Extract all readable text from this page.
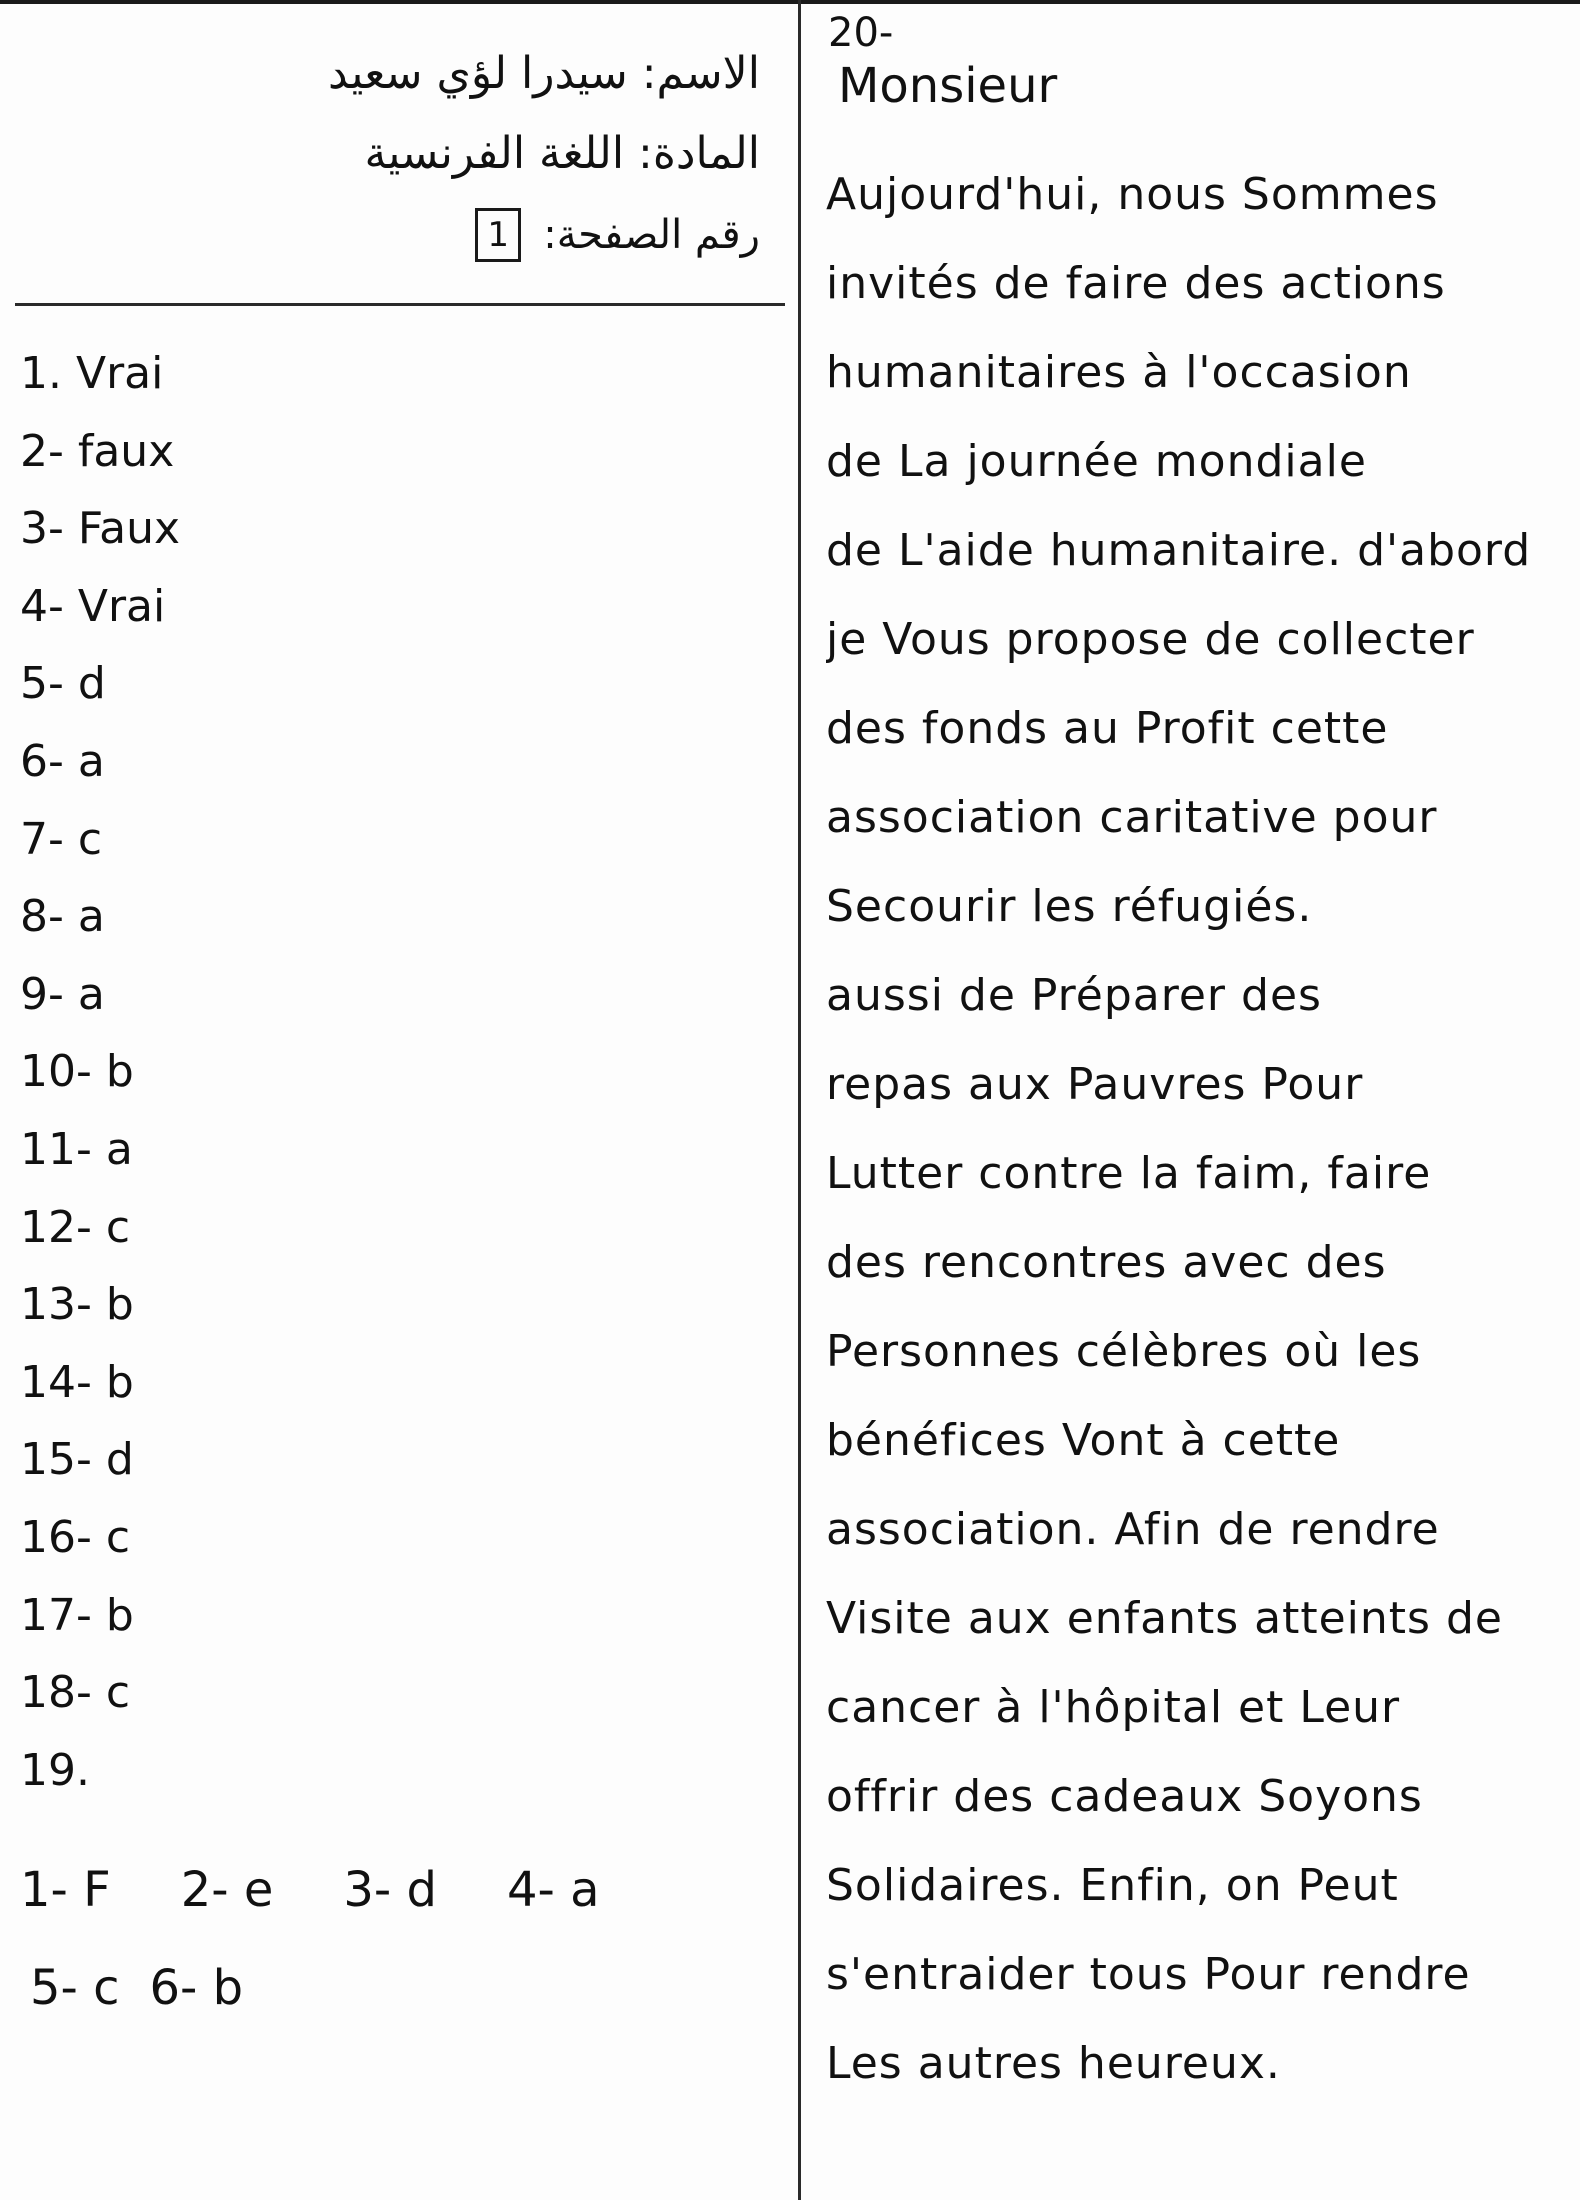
الاسم: سيدرا لؤي سعيد
المادة: اللغة الفرنسية
رقم الصفحة:
1
1. Vrai
2- faux
3- Faux
4- Vrai
5- d
6- a
7- c
8- a
9- a
10- b
11- a
12- c
13- b
14- b
15- d
16- c
17- b
18- c
19.
1- F 2- e 3- d 4- a
5- c 6- b
20-
Monsieur
Aujourd'hui, nous Sommes
invités de faire des actions
humanitaires à l'occasion
de La journée mondiale
de L'aide humanitaire. d'abord
je Vous propose de collecter
des fonds au Profit cette
association caritative pour
Secourir les réfugiés.
aussi de Préparer des
repas aux Pauvres Pour
Lutter contre la faim, faire
des rencontres avec des
Personnes célèbres où les
bénéfices Vont à cette
association. Afin de rendre
Visite aux enfants atteints de
cancer à l'hôpital et Leur
offrir des cadeaux Soyons
Solidaires. Enfin, on Peut
s'entraider tous Pour rendre
Les autres heureux.
